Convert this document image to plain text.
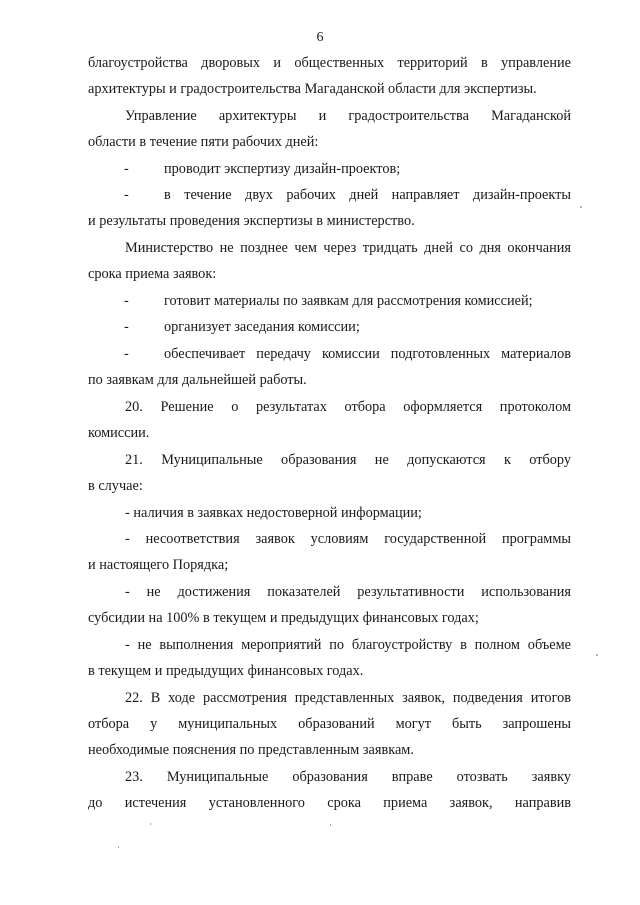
6
благоустройства дворовых и общественных территорий в управление
архитектуры и градостроительства Магаданской области для экспертизы.
Управление архитектуры и градостроительства Магаданской
области в течение пяти рабочих дней:
- проводит экспертизу дизайн-проектов;
- в течение двух рабочих дней направляет дизайн-проекты
и результаты проведения экспертизы в министерство.
Министерство не позднее чем через тридцать дней со дня окончания
срока приема заявок:
- готовит материалы по заявкам для рассмотрения комиссией;
- организует заседания комиссии;
- обеспечивает передачу комиссии подготовленных материалов
по заявкам для дальнейшей работы.
20. Решение о результатах отбора оформляется протоколом
комиссии.
21. Муниципальные образования не допускаются к отбору
в случае:
- наличия в заявках недостоверной информации;
- несоответствия заявок условиям государственной программы
и настоящего Порядка;
- не достижения показателей результативности использования
субсидии на 100% в текущем и предыдущих финансовых годах;
- не выполнения мероприятий по благоустройству в полном объеме
в текущем и предыдущих финансовых годах.
22. В ходе рассмотрения представленных заявок, подведения итогов
отбора у муниципальных образований могут быть запрошены
необходимые пояснения по представленным заявкам.
23. Муниципальные образования вправе отозвать заявку
до истечения установленного срока приема заявок, направив
